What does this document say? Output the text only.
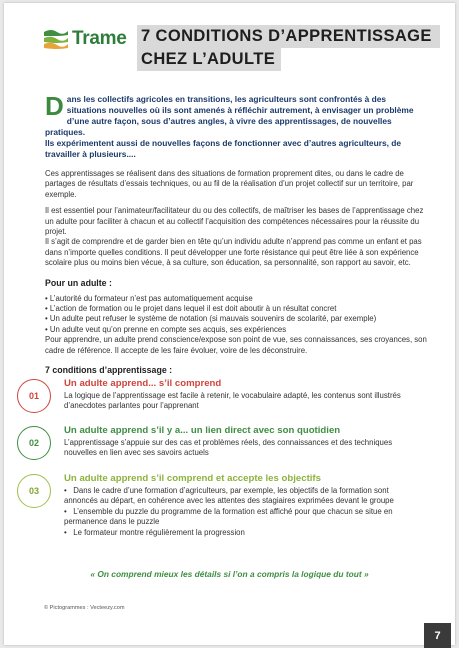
Trame 7 CONDITIONS D’APPRENTISSAGE
CHEZ L’ADULTE
D ans les collectifs agricoles en transitions, les agriculteurs sont confrontés à des situations nouvelles où ils sont amenés à réfléchir autrement, à envisager un problème d’une autre façon, sous d’autres angles, à vivre des apprentissages, de nouvelles pratiques.

Ils expérimentent aussi de nouvelles façons de fonctionner avec d’autres agriculteurs, de travailler à plusieurs....

Ces apprentissages se réalisent dans des situations de formation proprement dites, ou dans le cadre de partages de résultats d’essais techniques, ou au fil de la réalisation d’un projet collectif sur un territoire, par exemple.

Il est essentiel pour l’animateur/facilitateur du ou des collectifs, de maîtriser les bases de l’apprentissage chez un adulte pour faciliter à chacun et au collectif l’acquisition des compétences nécessaires pour la réussite du projet.

Il s’agit de comprendre et de garder bien en tête qu’un individu adulte n’apprend pas comme un enfant et pas dans n’importe quelles conditions. Il peut développer une forte résistance qui peut être liée à son expérience scolaire plus ou moins bien vécue, à sa culture, son éducation, sa personnalité, son rapport au savoir, etc.

Pour un adulte :

• L’autorité du formateur n’est pas automatiquement acquise
• L’action de formation ou le projet dans lequel il est doit aboutir à un résultat concret
• Un adulte peut refuser le système de notation (si mauvais souvenirs de scolarité, par exemple)
• Un adulte veut qu’on prenne en compte ses acquis, ses expériences

Pour apprendre, un adulte prend conscience/expose son point de vue, ses connaissances, ses croyances, son cadre de référence. Il accepte de les faire évoluer, voire de les déconstruire.

7 conditions d’apprentissage :

01

Un adulte apprend... s’il comprend

La logique de l’apprentissage est facile à retenir, le vocabulaire adapté, les contenus sont illustrés d’anecdotes parlantes pour l’apprenant

02

Un adulte apprend s’il y a... un lien direct avec son quotidien

L’apprentissage s’appuie sur des cas et problèmes réels, des connaissances et des techniques nouvelles en lien avec ses savoirs actuels

03

Un adulte apprend s’il comprend et accepte les objectifs

• Dans le cadre d’une formation d’agriculteurs, par exemple, les objectifs de la formation sont annoncés au départ, en cohérence avec les attentes des stagiaires exprimées devant le groupe
• L’ensemble du puzzle du programme de la formation est affiché pour que chacun se situe en permanence dans le puzzle
• Le formateur montre régulièrement la progression

« On comprend mieux les détails si l’on a compris la logique du tout »

© Pictogrammes : Vecteezy.com

7
